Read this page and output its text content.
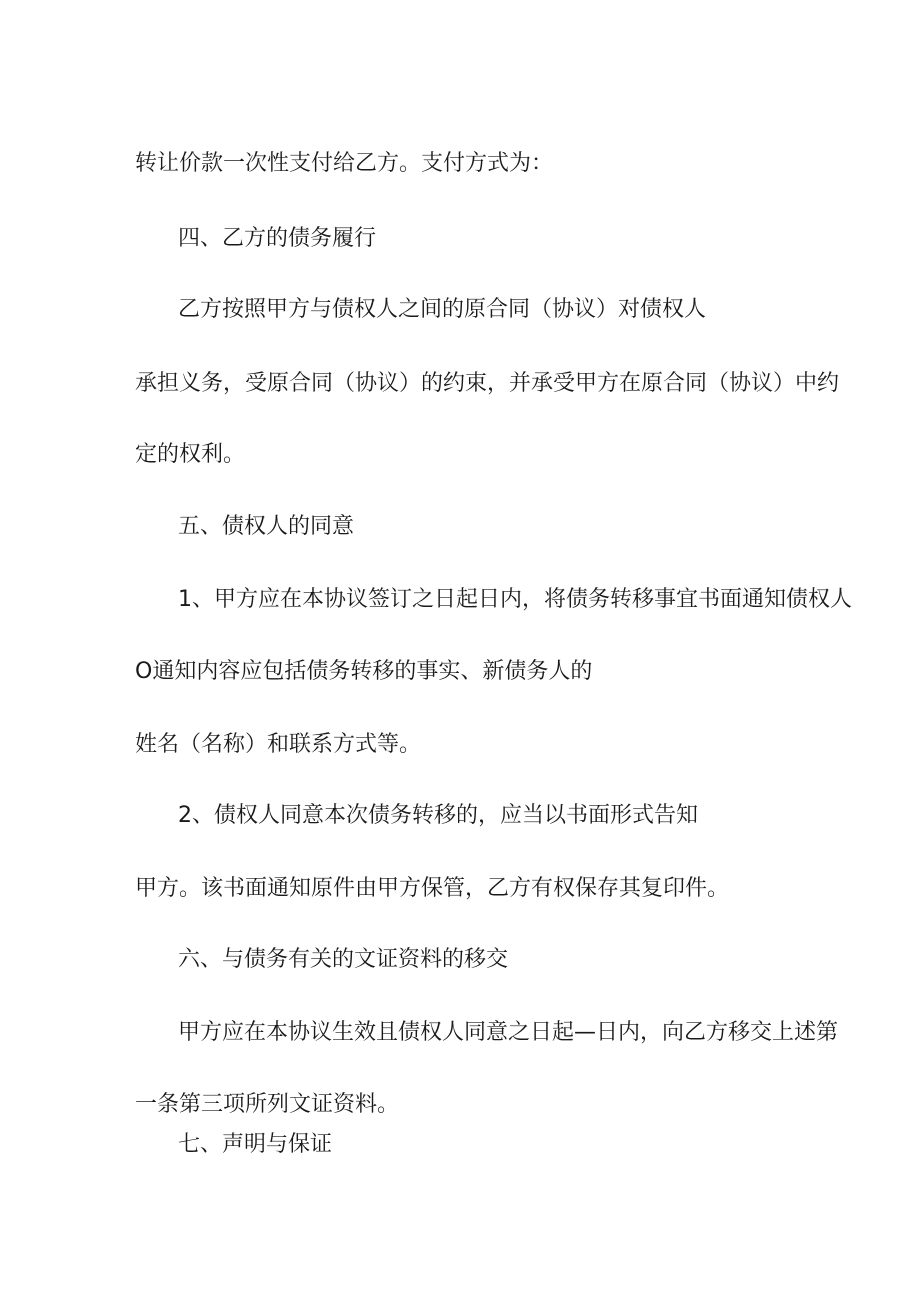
转让价款一次性支付给乙方。支付方式为：
四、乙方的债务履行
乙方按照甲方与债权人之间的原合同（协议）对债权人
承担义务，受原合同（协议）的约束，并承受甲方在原合同（协议）中约
定的权利。
五、债权人的同意
1、甲方应在本协议签订之日起日内，将债务转移事宜书面通知债权人
O通知内容应包括债务转移的事实、新债务人的
姓名（名称）和联系方式等。
2、债权人同意本次债务转移的，应当以书面形式告知
甲方。该书面通知原件由甲方保管，乙方有权保存其复印件。
六、与债务有关的文证资料的移交
甲方应在本协议生效且债权人同意之日起—日内，向乙方移交上述第
一条第三项所列文证资料。
七、声明与保证
